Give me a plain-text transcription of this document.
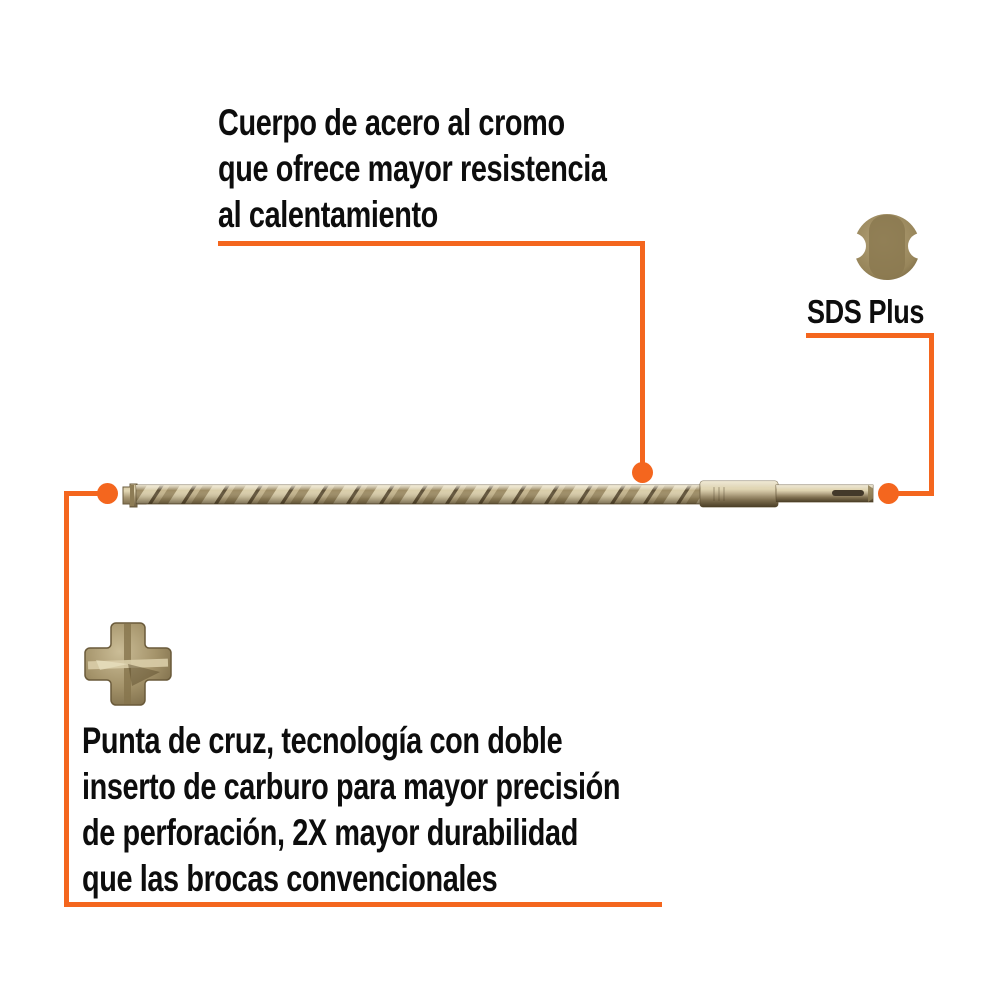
Cuerpo de acero al cromo
que ofrece mayor resistencia
al calentamiento
SDS Plus
Punta de cruz, tecnología con doble
inserto de carburo para mayor precisión
de perforación, 2X mayor durabilidad
que las brocas convencionales
